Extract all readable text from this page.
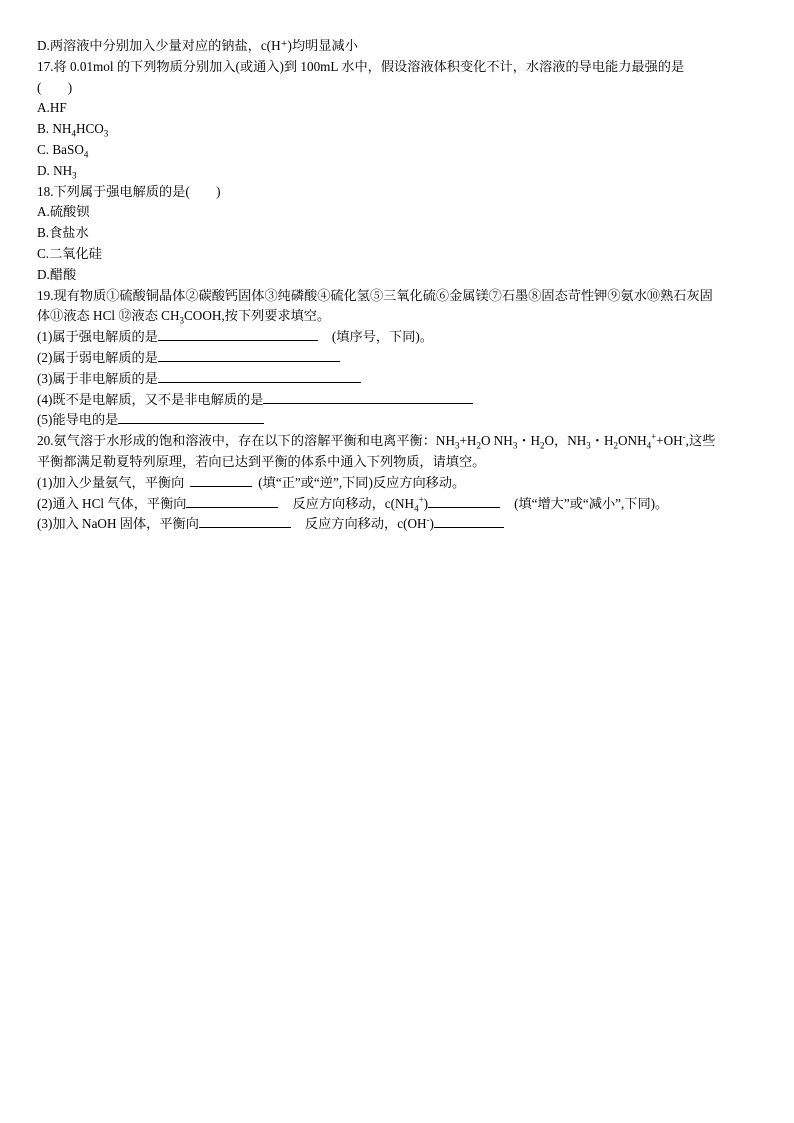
D.两溶液中分别加入少量对应的钠盐，c(H⁺)均明显减小
17.将 0.01mol 的下列物质分别加入(或通入)到 100mL 水中，假设溶液体积变化不计，水溶液的导电能力最强的是
(　　)
A.HF
B. $NH_4HCO_3$
C. BaSO$_4$
D. $NH_3$
18.下列属于强电解质的是(　　)
A.硫酸钡
B.食盐水
C.二氧化硅
D.醋酸
19.现有物质①硫酸铜晶体②碳酸钙固体③纯磷酸④硫化氢⑤三氧化硫⑥金属镁⑦石墨⑧固态苛性钾⑨氨水⑩熟石灰固
体⑪液态 HCl ⑫液态 $CH_3COOH$,按下列要求填空。
(1)属于强电解质的是	(填序号，下同)。
(2)属于弱电解质的是
(3)属于非电解质的是
(4)既不是电解质，又不是非电解质的是
(5)能导电的是
20.氨气溶于水形成的饱和溶液中，存在以下的溶解平衡和电离平衡：$NH_3+H_2O$ $NH_3$・$H_2O$，$NH_3$・$H_2ONH_4^++OH^-$,这些
平衡都满足勒夏特列原理，若向已达到平衡的体系中通入下列物质，请填空。
(1)加入少量氨气，平衡向	(填“正”或“逆”,下同)反应方向移动。
(2)通入 HCl 气体，平衡向	反应方向移动，$c(NH_4^+)$	(填“增大”或“减小”,下同)。
(3)加入 NaOH 固体，平衡向	反应方向移动，c(OH-)
